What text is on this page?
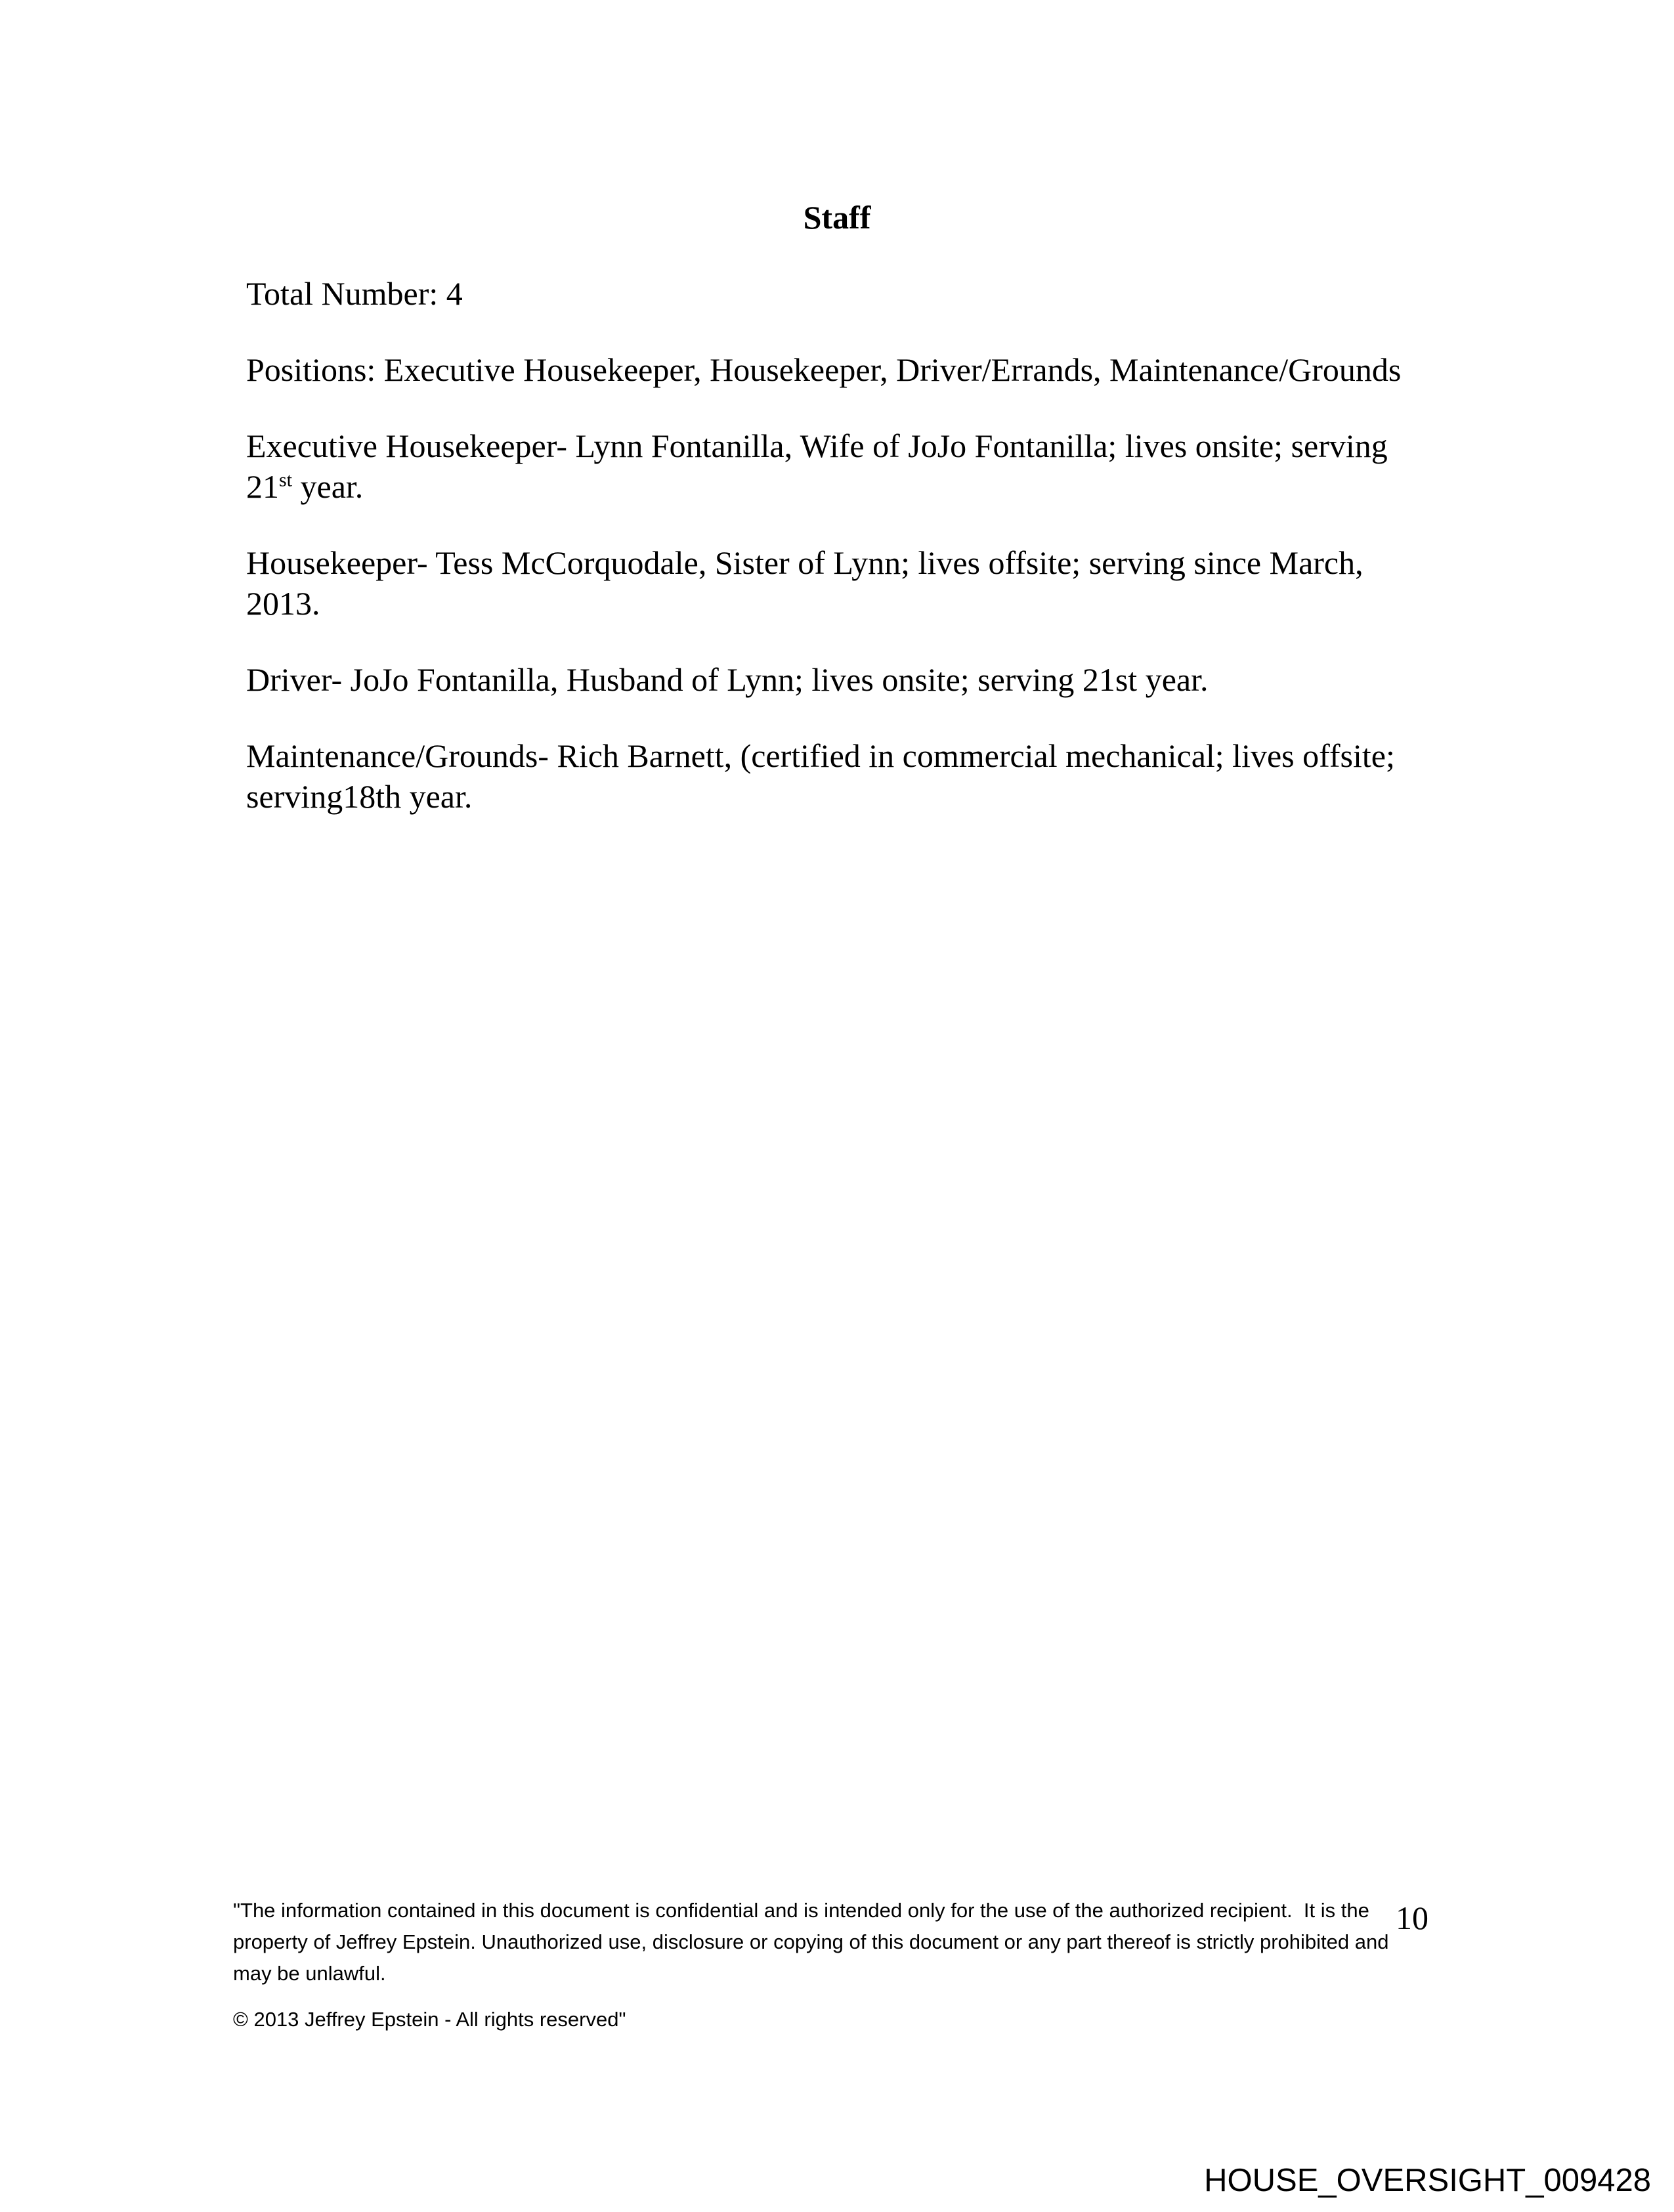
Staff

Total Number: 4

Positions: Executive Housekeeper, Housekeeper, Driver/Errands, Maintenance/Grounds

Executive Housekeeper- Lynn Fontanilla, Wife of JoJo Fontanilla; lives onsite; serving
21st year.

Housekeeper- Tess McCorquodale, Sister of Lynn; lives offsite; serving since March,
2013.

Driver- JoJo Fontanilla, Husband of Lynn; lives onsite; serving 21st year.

Maintenance/Grounds- Rich Barnett, (certified in commercial mechanical; lives offsite;
serving18th year.

"The information contained in this document is confidential and is intended only for the use of the authorized recipient.  It is the
property of Jeffrey Epstein. Unauthorized use, disclosure or copying of this document or any part thereof is strictly prohibited and
may be unlawful.
10
© 2013 Jeffrey Epstein - All rights reserved"
HOUSE_OVERSIGHT_009428
